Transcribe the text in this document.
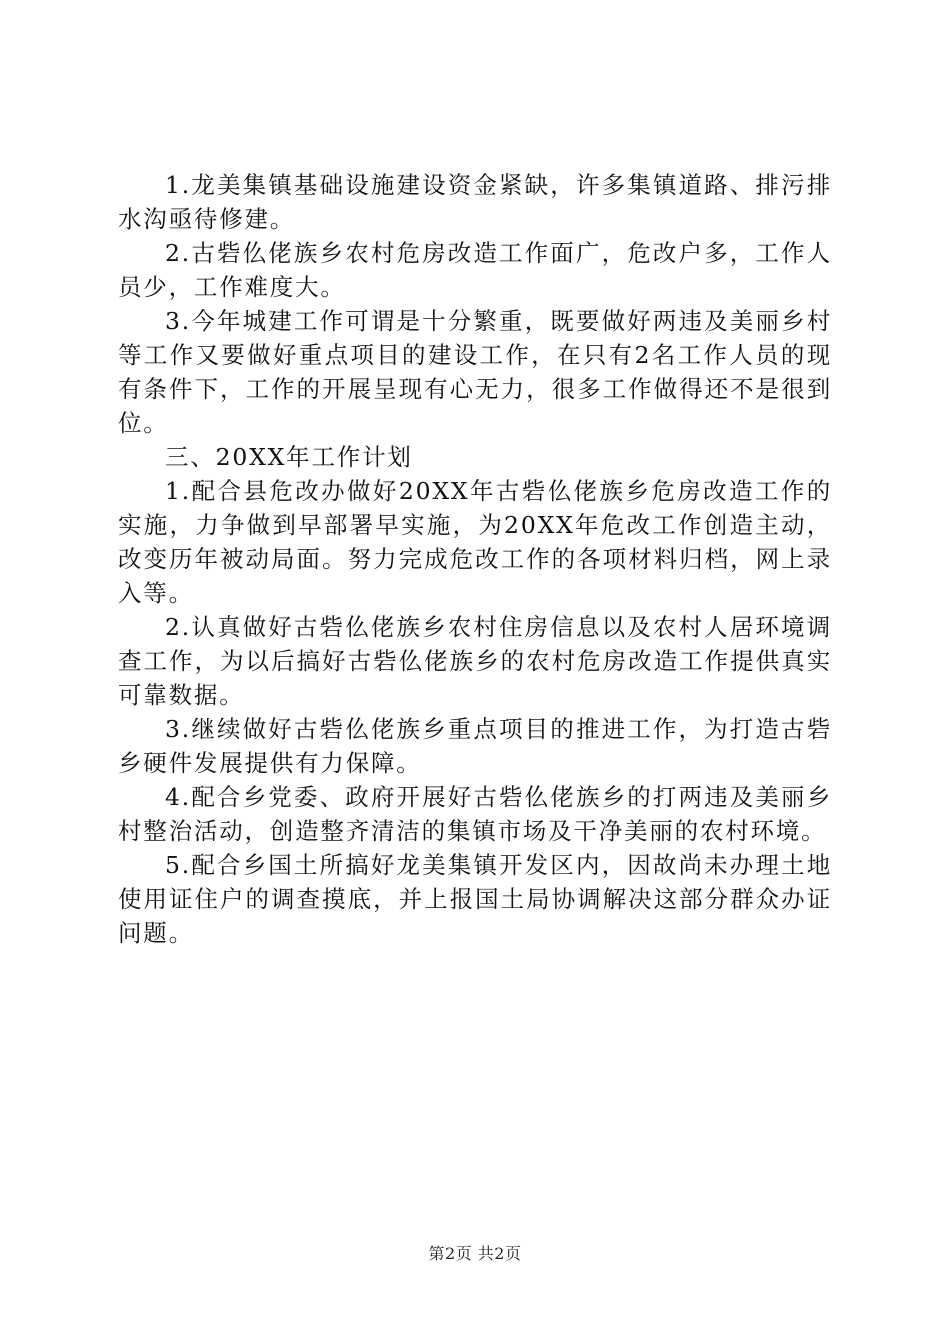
1.龙美集镇基础设施建设资金紧缺，许多集镇道路、排污排水沟亟待修建。

2.古砦仫佬族乡农村危房改造工作面广，危改户多，工作人员少，工作难度大。

3.今年城建工作可谓是十分繁重，既要做好两违及美丽乡村等工作又要做好重点项目的建设工作，在只有2名工作人员的现有条件下，工作的开展呈现有心无力，很多工作做得还不是很到位。

三、20XX年工作计划

1.配合县危改办做好20XX年古砦仫佬族乡危房改造工作的实施，力争做到早部署早实施，为20XX年危改工作创造主动，改变历年被动局面。努力完成危改工作的各项材料归档，网上录入等。

2.认真做好古砦仫佬族乡农村住房信息以及农村人居环境调查工作，为以后搞好古砦仫佬族乡的农村危房改造工作提供真实可靠数据。

3.继续做好古砦仫佬族乡重点项目的推进工作，为打造古砦乡硬件发展提供有力保障。

4.配合乡党委、政府开展好古砦仫佬族乡的打两违及美丽乡村整治活动，创造整齐清洁的集镇市场及干净美丽的农村环境。

5.配合乡国土所搞好龙美集镇开发区内，因故尚未办理土地使用证住户的调查摸底，并上报国土局协调解决这部分群众办证问题。

第2页 共2页
